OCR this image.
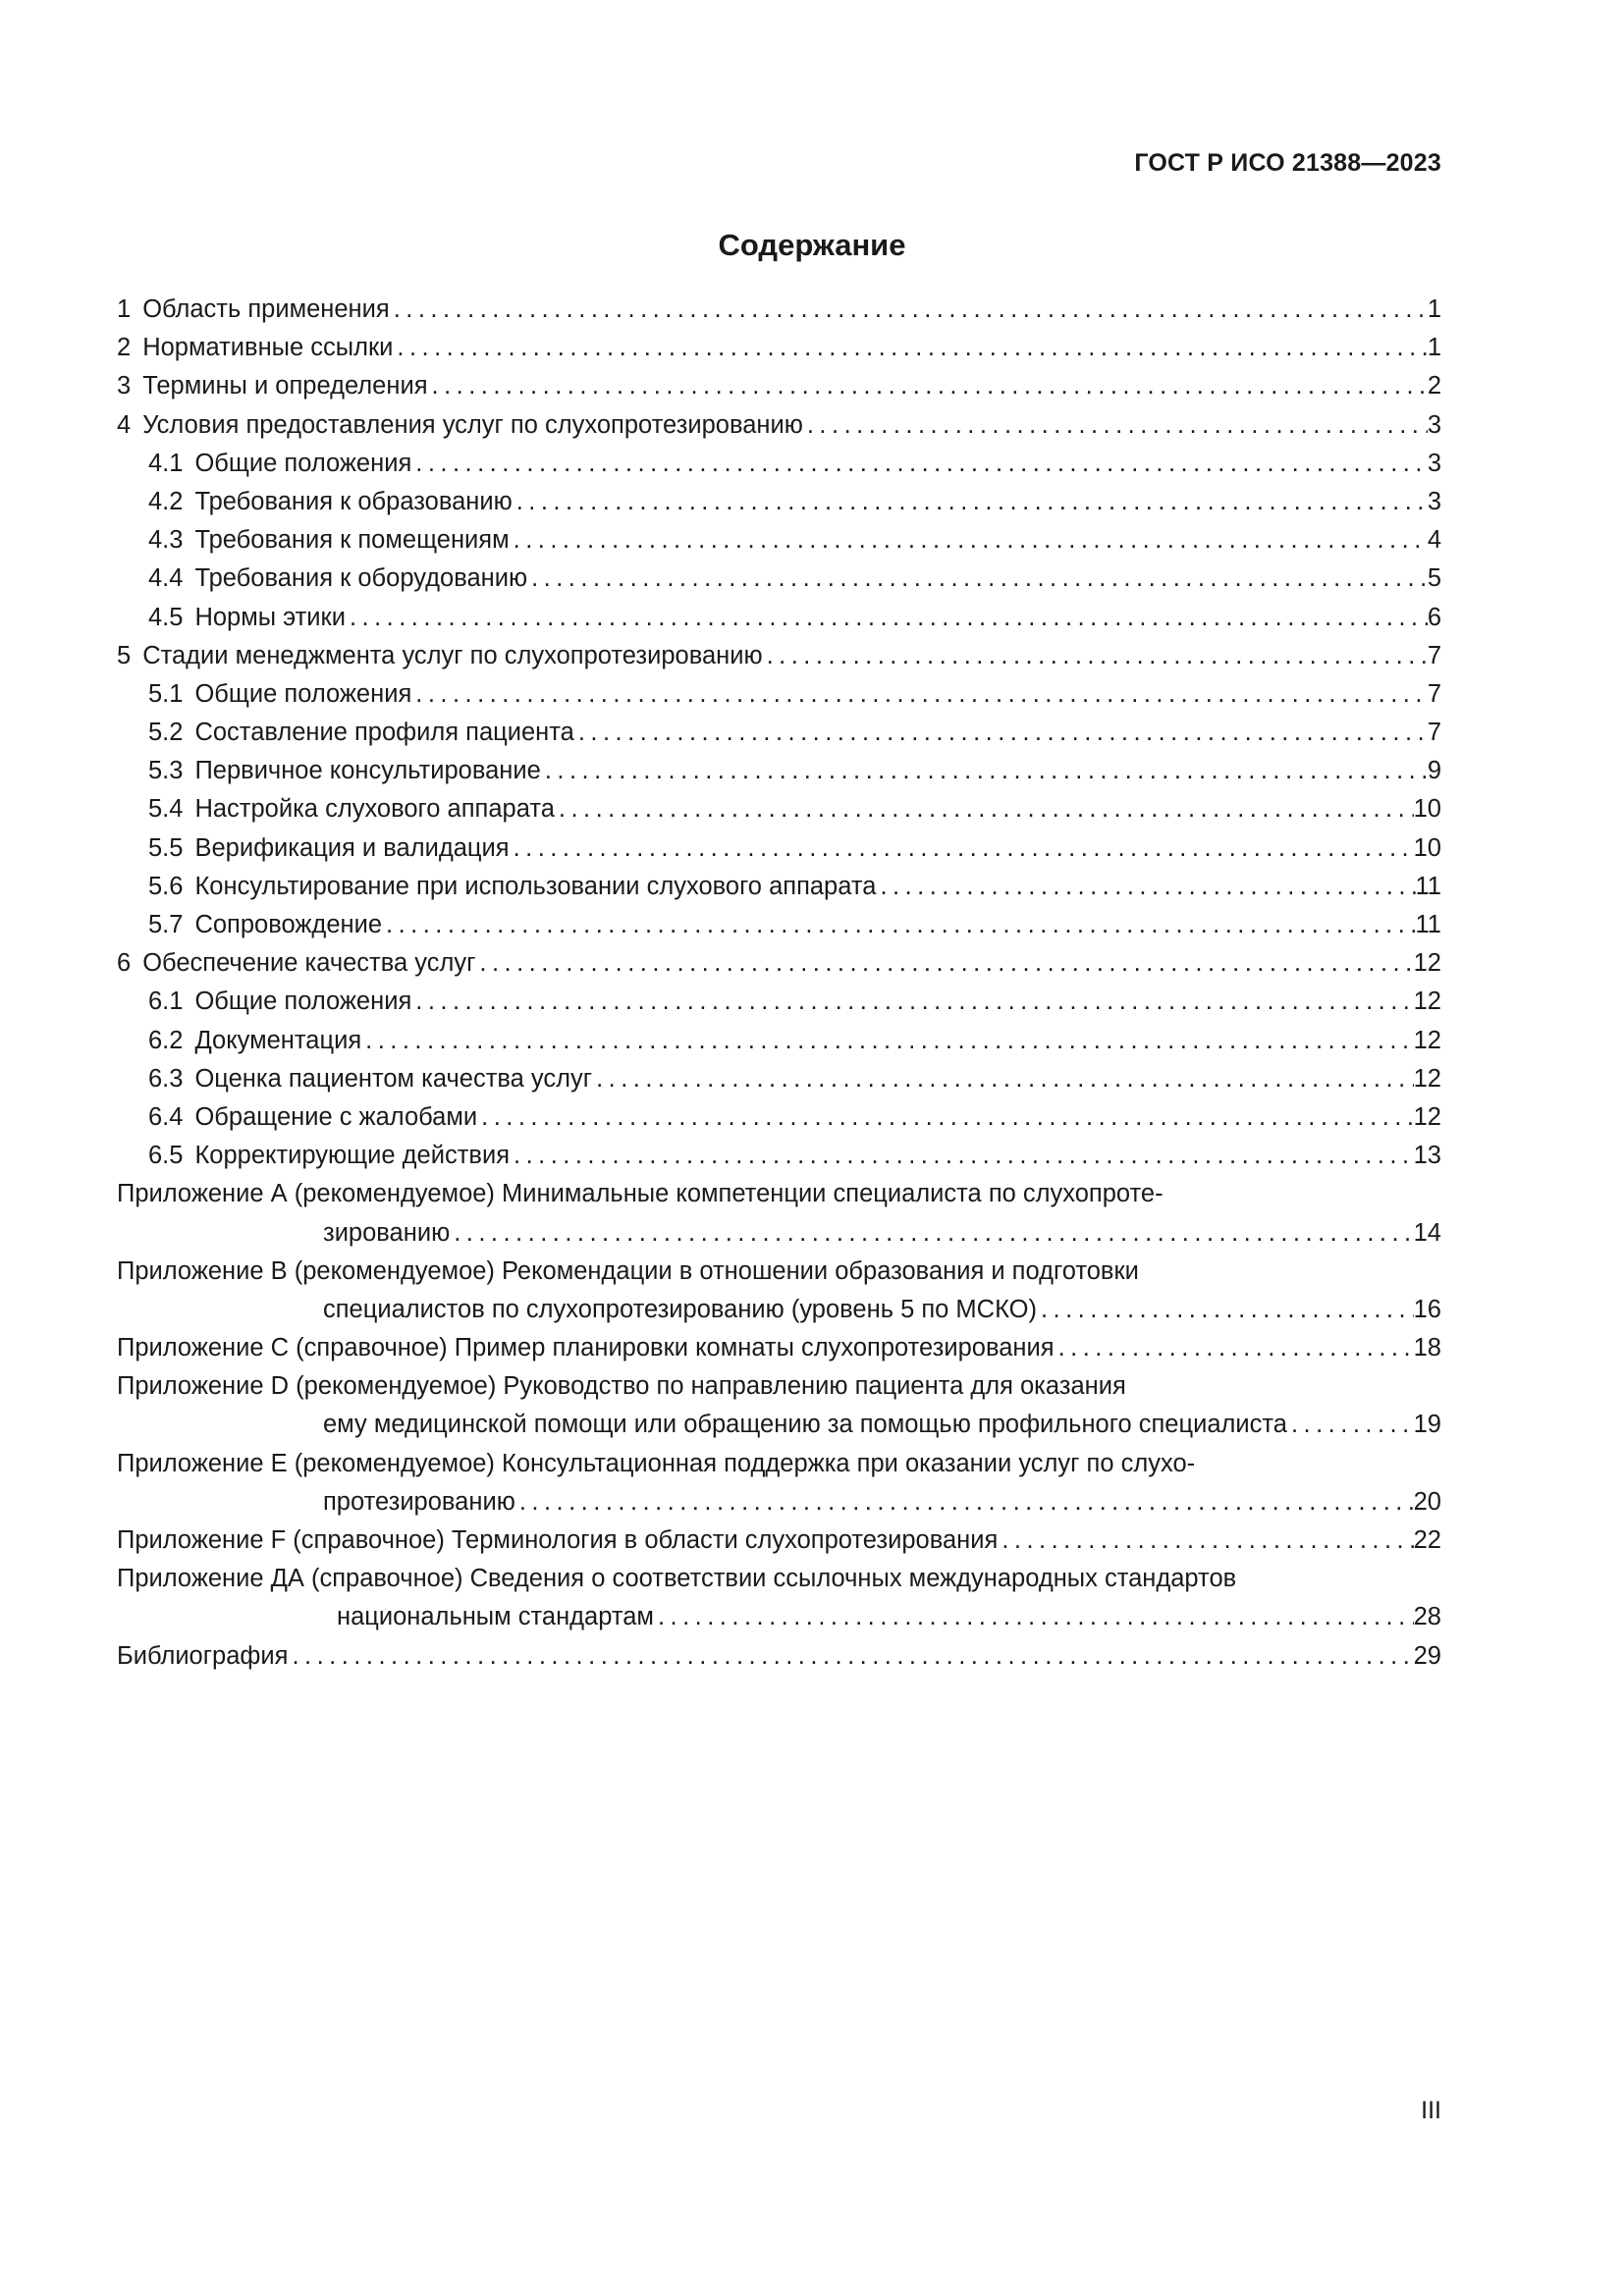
ГОСТ Р ИСО 21388—2023
Содержание
1 Область применения . . .	1
2 Нормативные ссылки . . .	1
3 Термины и определения . . .	2
4 Условия предоставления услуг по слухопротезированию . . .	3
4.1 Общие положения . . .	3
4.2 Требования к образованию . . .	3
4.3 Требования к помещениям . . .	4
4.4 Требования к оборудованию . . .	5
4.5 Нормы этики . . .	6
5 Стадии менеджмента услуг по слухопротезированию . . .	7
5.1 Общие положения . . .	7
5.2 Составление профиля пациента . . .	7
5.3 Первичное консультирование . . .	9
5.4 Настройка слухового аппарата . . .	10
5.5 Верификация и валидация . . .	10
5.6 Консультирование при использовании слухового аппарата . . .	11
5.7 Сопровождение . . .	11
6 Обеспечение качества услуг . . .	12
6.1 Общие положения . . .	12
6.2 Документация . . .	12
6.3 Оценка пациентом качества услуг . . .	12
6.4 Обращение с жалобами . . .	12
6.5 Корректирующие действия . . .	13
Приложение А (рекомендуемое) Минимальные компетенции специалиста по слухопроте-
зированию . . .	14
Приложение В (рекомендуемое) Рекомендации в отношении образования и подготовки
специалистов по слухопротезированию (уровень 5 по МСКО) . . .	16
Приложение С (справочное) Пример планировки комнаты слухопротезирования . . .	18
Приложение D (рекомендуемое) Руководство по направлению пациента для оказания
ему медицинской помощи или обращению за помощью профильного специалиста . . .	19
Приложение Е (рекомендуемое) Консультационная поддержка при оказании услуг по слухо-
протезированию . . .	20
Приложение F (справочное) Терминология в области слухопротезирования . . .	22
Приложение ДА (справочное) Сведения о соответствии ссылочных международных стандартов
национальным стандартам . . .	28
Библиография . . .	29
III
